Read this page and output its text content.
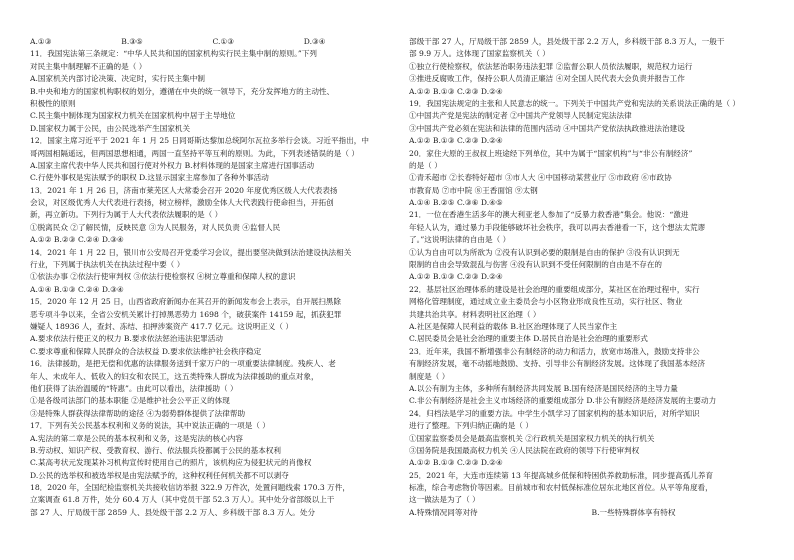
A.①③	B.③⑤	C.①③	D.③④
11．我国宪法第三条规定：“中华人民共和国的国家机构实行民主集中制的原则。”下列
对民主集中制理解不正确的是（ ）
A.国家机关内部讨论决策、决定时，实行民主集中制
B.中央和地方的国家机构职权的划分，遵循在中央的统一领导下，充分发挥地方的主动性、
积极性的原则
C.民主集中制体现为国家权力机关在国家机构中居于主导地位
D.国家权力属于公民，由公民选举产生国家机关
12．国家主席习近平于 2021 年 1 月 25 日同哥斯达黎加总统阿尔瓦拉多举行会谈。习近平指出，中
哥两国相隔遥远，但两国思想相通，两国一直坚持平等互利的原则。为此，下列表述错误的是（ ）
A.国家主席代表中华人民共和国行使对外权力 B.材料体现的是国家主席进行国事活动
C.行使外事权是宪法赋予的职权 D.这显示国家主席参加了各种外事活动
13．2021 年 1 月 26 日，济南市莱芜区人大常委会召开 2020 年度优秀区级人大代表表扬
会议，对区级优秀人大代表进行表扬，树立榜样，激励全体人大代表践行使命担当，开拓创
新，再立新功。下列行为属于人大代表依法履职的是（ ）
①脱离民众 ②了解民情，反映民意 ③为人民服务，对人民负责 ④监督人民
A.①② B.②③ C.②④ D.③④
14．2021 年 1 月 22 日，银川市公安局召开党委学习会议，提出要坚决做到法治建设执法相关
行业，下列属于执法机关在执法过程中要（ ）
①依法办事 ②依法行使审判权 ③依法行使检察权 ④树立尊重和保障人权的意识
A.①④ B.①③ C.②④ D.③④
15．2020 年 12 月 25 日，山西省政府新闻办在其召开的新闻发布会上表示，自开展扫黑除
恶专项斗争以来，全省公安机关累计打掉黑恶势力 1698 个，破获案件 14159 起，抓获犯罪
嫌疑人 18936 人，查封、冻结、扣押涉案资产 417.7 亿元。这说明正义（ ）
A.要求依法行使正义的权力 B.要求依法惩治违法犯罪活动
C.要求尊重和保障人民群众的合法权益 D.要求依法维护社会秩序稳定
16．法律援助，是把无偿和优惠的法律服务送到千家万户的一项重要法律制度。残疾人、老
年人、未成年人、低收入的妇女和农民工，这五类特殊人群成为法律援助的重点对象，
他们获得了法治温暖的“特惠”。由此可以看出，法律援助（ ）
①是各级司法部门的基本职能 ②是维护社会公平正义的体现
③是特殊人群获得法律帮助的途径 ④为弱势群体提供了法律帮助
17．下列有关公民基本权利和义务的说法，其中说法正确的一项是（ ）
A.宪法的第二章是公民的基本权利和义务，这是宪法的核心内容
B.劳动权、知识产权、受教育权、游行、依法服兵役都属于公民的基本权利
C.某高考状元发现某补习机构宣传时使用自己的照片，该机构应为侵犯状元的肖像权
D.公民的选举权和被选举权是由宪法赋予的，这种权利任何机关都不可以剥夺
18．2020 年，全国纪检监察机关共接收信访举报 322.9 万件次，处置问题线索 170.3 万件，
立案调查 61.8 万件，处分 60.4 万人（其中党员干部 52.3 万人）。其中处分省部级以上干
部 27 人、厅局级干部 2859 人、县处级干部 2.2 万人、乡科级干部 8.3 万人。处分
部级干部 27 人，厅局级干部 2859 人，县处级干部 2.2 万人，乡科级干部 8.3 万人，一般干
部 9.9 万人。这体现了国家监察机关（ ）
①独立行使检察权，依法惩治职务违法犯罪 ②监督公职人员依法履职，规范权力运行
③推进反腐败工作，保持公职人员清正廉洁 ④对全国人民代表大会负责并报告工作
A.①② B.①③ C.②③ D.②④
19．我国宪法规定的主张和人民意志的统一。下列关于中国共产党和宪法的关系说法正确的是（ ）
①中国共产党是宪法的制定者 ②中国共产党领导人民制定宪法法律
③中国共产党必须在宪法和法律的范围内活动 ④中国共产党依法执政推进法治建设
A.①② B.①③ C.②③ D.②④
20．家住大原的王叔叔上班途经下列单位，其中为属于“国家机构”与“非公有制经济”
的是（ ）
①青禾超市 ②长春特好超市 ③市人大 ④中国移动某营业厅 ⑤市政府 ⑥市政协
市教育局 ⑦市中院 ⑧王香面馆 ⑨太钢
A.①④ B.②⑤ C.③⑥ D.④⑤
21．一位在香港生活多年的澳大利亚老人参加了“反暴力救香港”集会。他说：“激进
年轻人认为，通过暴力手段能够破坏社会秩序，我可以再去香港看一下，这个想法太荒谬
了。”这说明法律的自由是（ ）
①认为自由可以为所欲为 ②没有认识到必要的限制是自由的保护 ③没有认识到无
限制的自由会导致混乱与伤害 ④没有认识到不受任何限制的自由是不存在的
A.①② B.①③ C.②③ D.②④
22．基层社区治理体系的建设是社会治理的重要组成部分，某社区在治理过程中，实行
网格化管理制度，通过成立业主委员会与小区物业形成良性互动，实行社区、物业
共建共治共享。材料表明社区治理（ ）
A.社区是保障人民利益的载体 B.社区治理体现了人民当家作主
C.居民委员会是社会治理的重要主体 D.居民自治是社会治理的重要形式
23．近年来，我国不断增强非公有制经济的动力和活力，放宽市场准入，鼓励支持非公
有制经济发展，毫不动摇地鼓励、支持、引导非公有制经济发展。这体现了我国基本经济
制度是（ ）
A.以公有制为主体，多种所有制经济共同发展 B.国有经济是国民经济的主导力量
C.非公有制经济是社会主义市场经济的重要组成部分 D.非公有制经济是经济发展的主要动力
24．归档法是学习的重要方法。中学生小凯学习了国家机构的基本知识后，对所学知识
进行了整理。下列归纳正确的是（ ）
①国家监察委员会是最高监察机关 ②行政机关是国家权力机关的执行机关
③国务院是我国最高权力机关 ④人民法院在政府的领导下行使审判权
A.①② B.①③ C.②③ D.②④
25．2021 年，大连市连续第 13 年提高城乡低保和特困供养救助标准，同步提高孤儿养育
标准，综合考虑物价等因素。目前城市和农村低保标准位居东北地区首位。从平等角度看，
这一做法是为了（ ）
A.特殊情况同等对待	B.一些特殊群体享有特权
